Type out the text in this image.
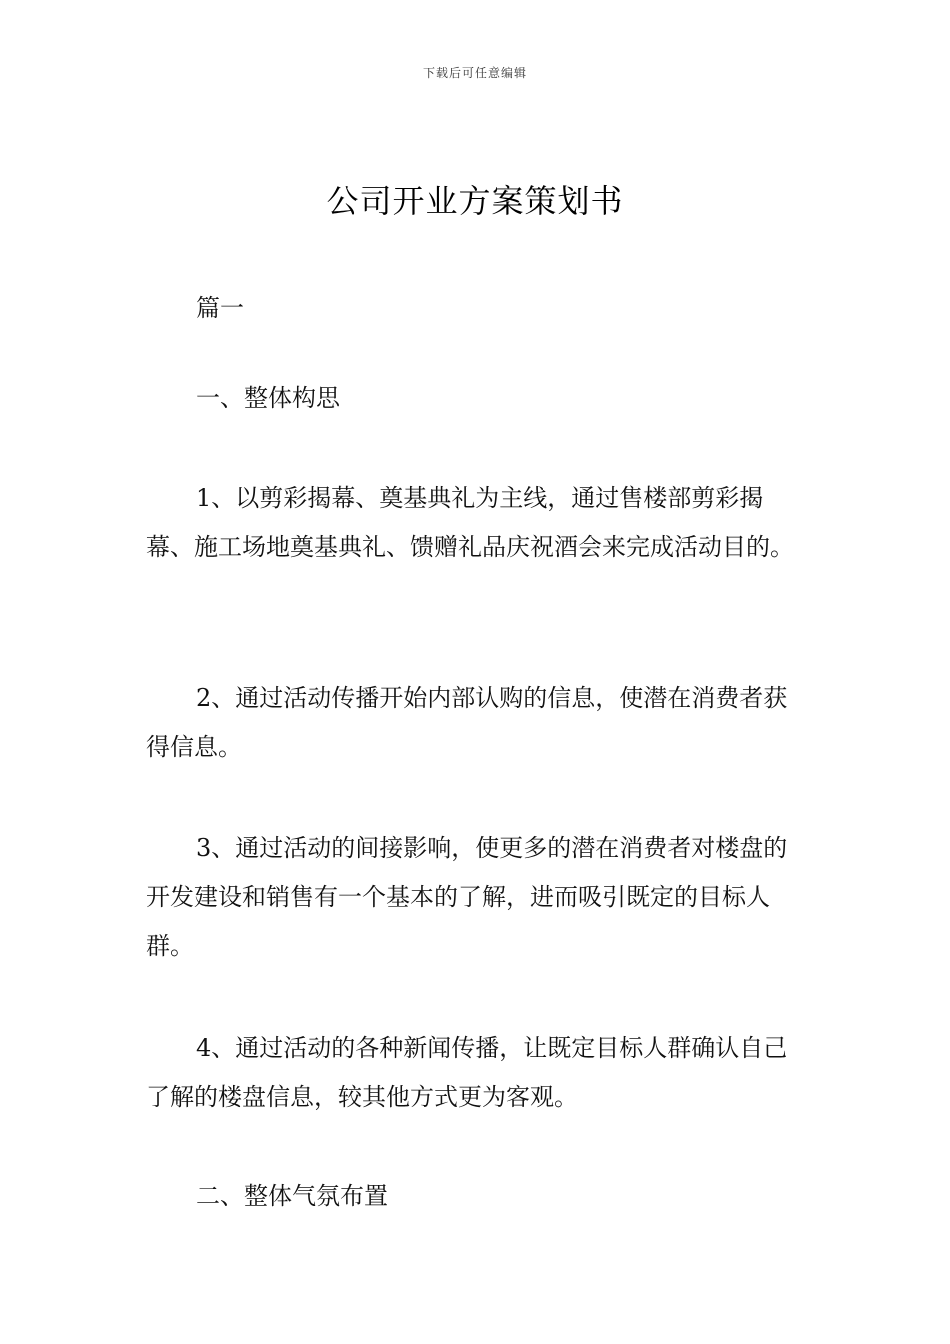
下载后可任意编辑
公司开业方案策划书

篇一

一、整体构思

1、以剪彩揭幕、奠基典礼为主线，通过售楼部剪彩揭幕、施工场地奠基典礼、馈赠礼品庆祝酒会来完成活动目的。

2、通过活动传播开始内部认购的信息，使潜在消费者获得信息。

3、通过活动的间接影响，使更多的潜在消费者对楼盘的开发建设和销售有一个基本的了解，进而吸引既定的目标人群。

4、通过活动的各种新闻传播，让既定目标人群确认自己了解的楼盘信息，较其他方式更为客观。

二、整体气氛布置
